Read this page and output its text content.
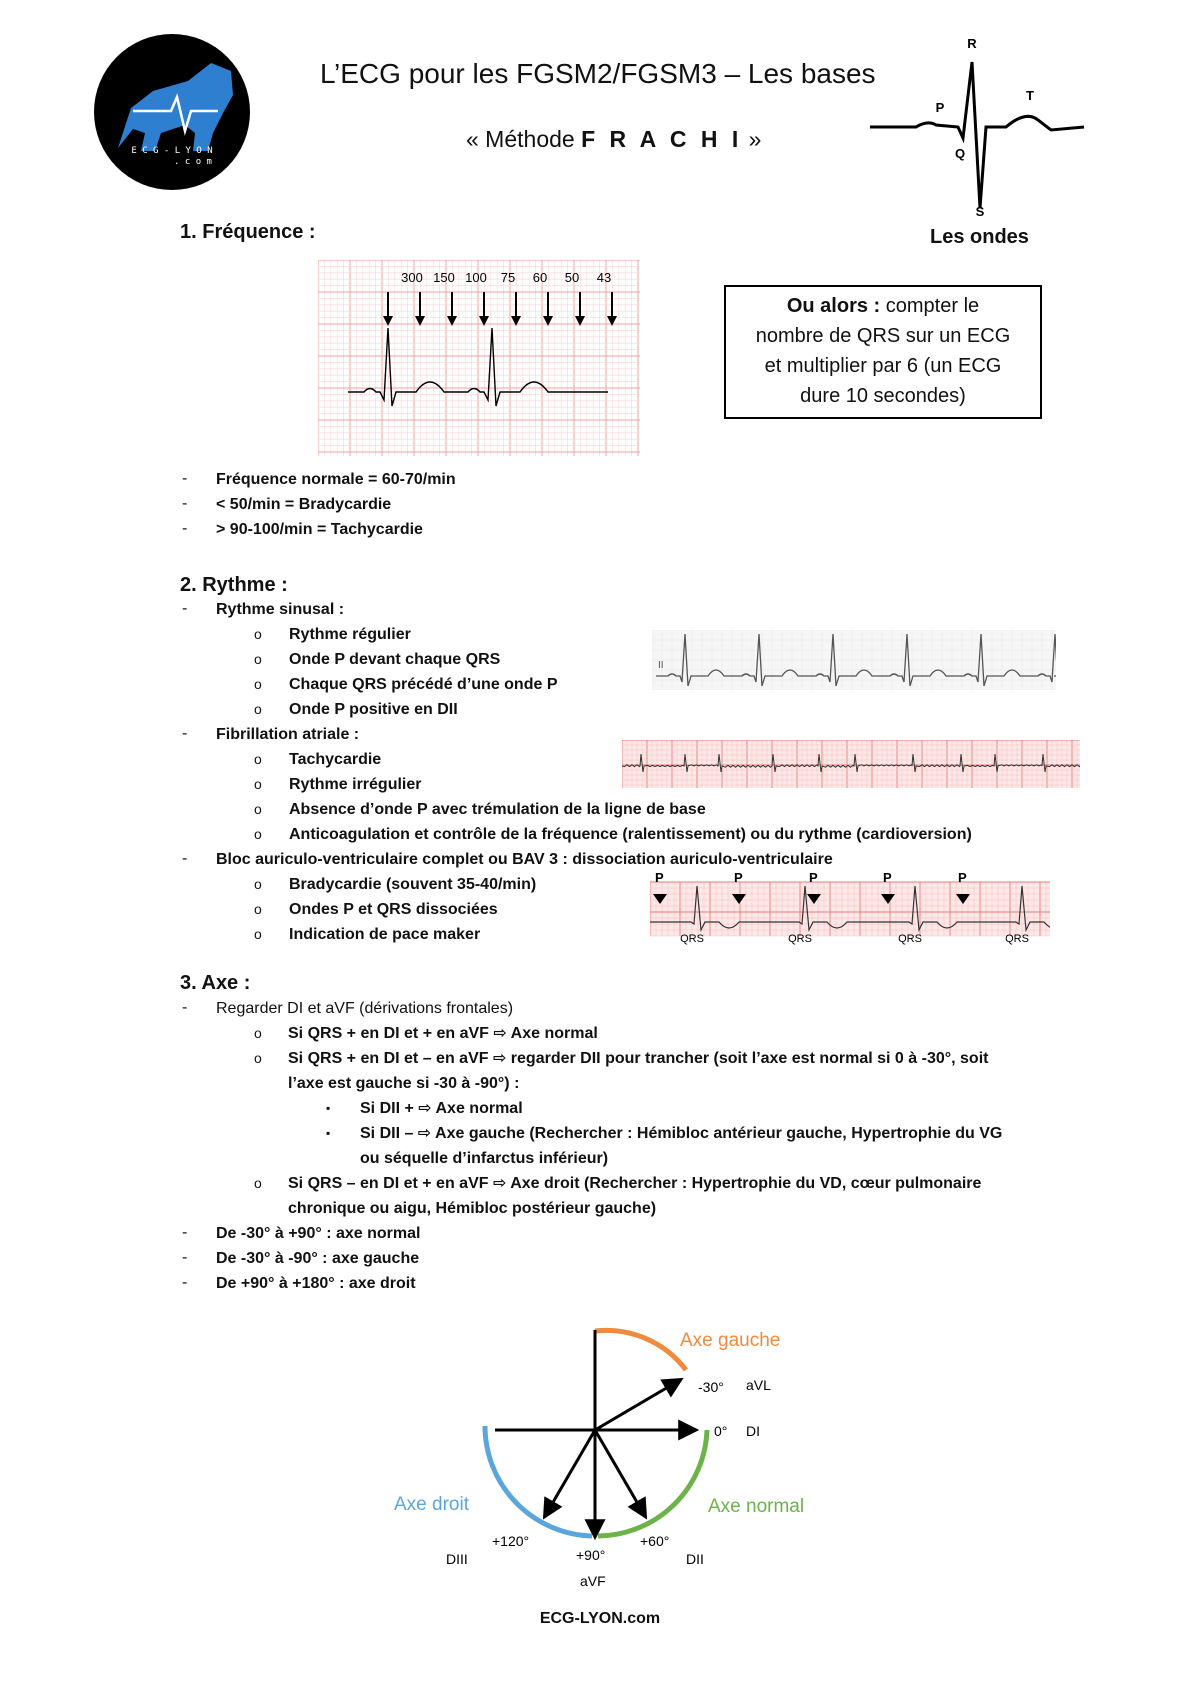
E C G - L Y O N
. c o m
L’ECG pour les FGSM2/FGSM3 – Les bases
« Méthode F R A C H I »
R
P
T
Q
S
Les ondes
1. Fréquence :
300 150 100 75 60 50 43
Ou alors : compter le
nombre de QRS sur un ECG
et multiplier par 6 (un ECG
dure 10 secondes)
- Fréquence normale = 60-70/min
- < 50/min = Bradycardie
- > 90-100/min = Tachycardie
2. Rythme :
- Rythme sinusal :
o Rythme régulier
o Onde P devant chaque QRS
o Chaque QRS précédé d’une onde P
o Onde P positive en DII
II
- Fibrillation atriale :
o Tachycardie
o Rythme irrégulier
o Absence d’onde P avec trémulation de la ligne de base
o Anticoagulation et contrôle de la fréquence (ralentissement) ou du rythme (cardioversion)
- Bloc auriculo-ventriculaire complet ou BAV 3 : dissociation auriculo-ventriculaire
o Bradycardie (souvent 35-40/min)
o Ondes P et QRS dissociées
o Indication de pace maker
P	P	P	P	P
QRS	QRS	QRS	QRS
3. Axe :
- Regarder DI et aVF (dérivations frontales)
o Si QRS + en DI et + en aVF ⇨ Axe normal
o Si QRS + en DI et – en aVF ⇨ regarder DII pour trancher (soit l’axe est normal si 0 à -30°, soit
l’axe est gauche si -30 à -90°) :
▪ Si DII + ⇨ Axe normal
▪ Si DII – ⇨ Axe gauche (Rechercher : Hémibloc antérieur gauche, Hypertrophie du VG
ou séquelle d’infarctus inférieur)
o Si QRS – en DI et + en aVF ⇨ Axe droit (Rechercher : Hypertrophie du VD, cœur pulmonaire
chronique ou aigu, Hémibloc postérieur gauche)
- De -30° à +90° : axe normal
- De -30° à -90° : axe gauche
- De +90° à +180° : axe droit
Axe gauche
Axe droit	Axe normal
-30° aVL
0° DI
+120°
+90°
+60°
DIII
aVF
DII
ECG-LYON.com
